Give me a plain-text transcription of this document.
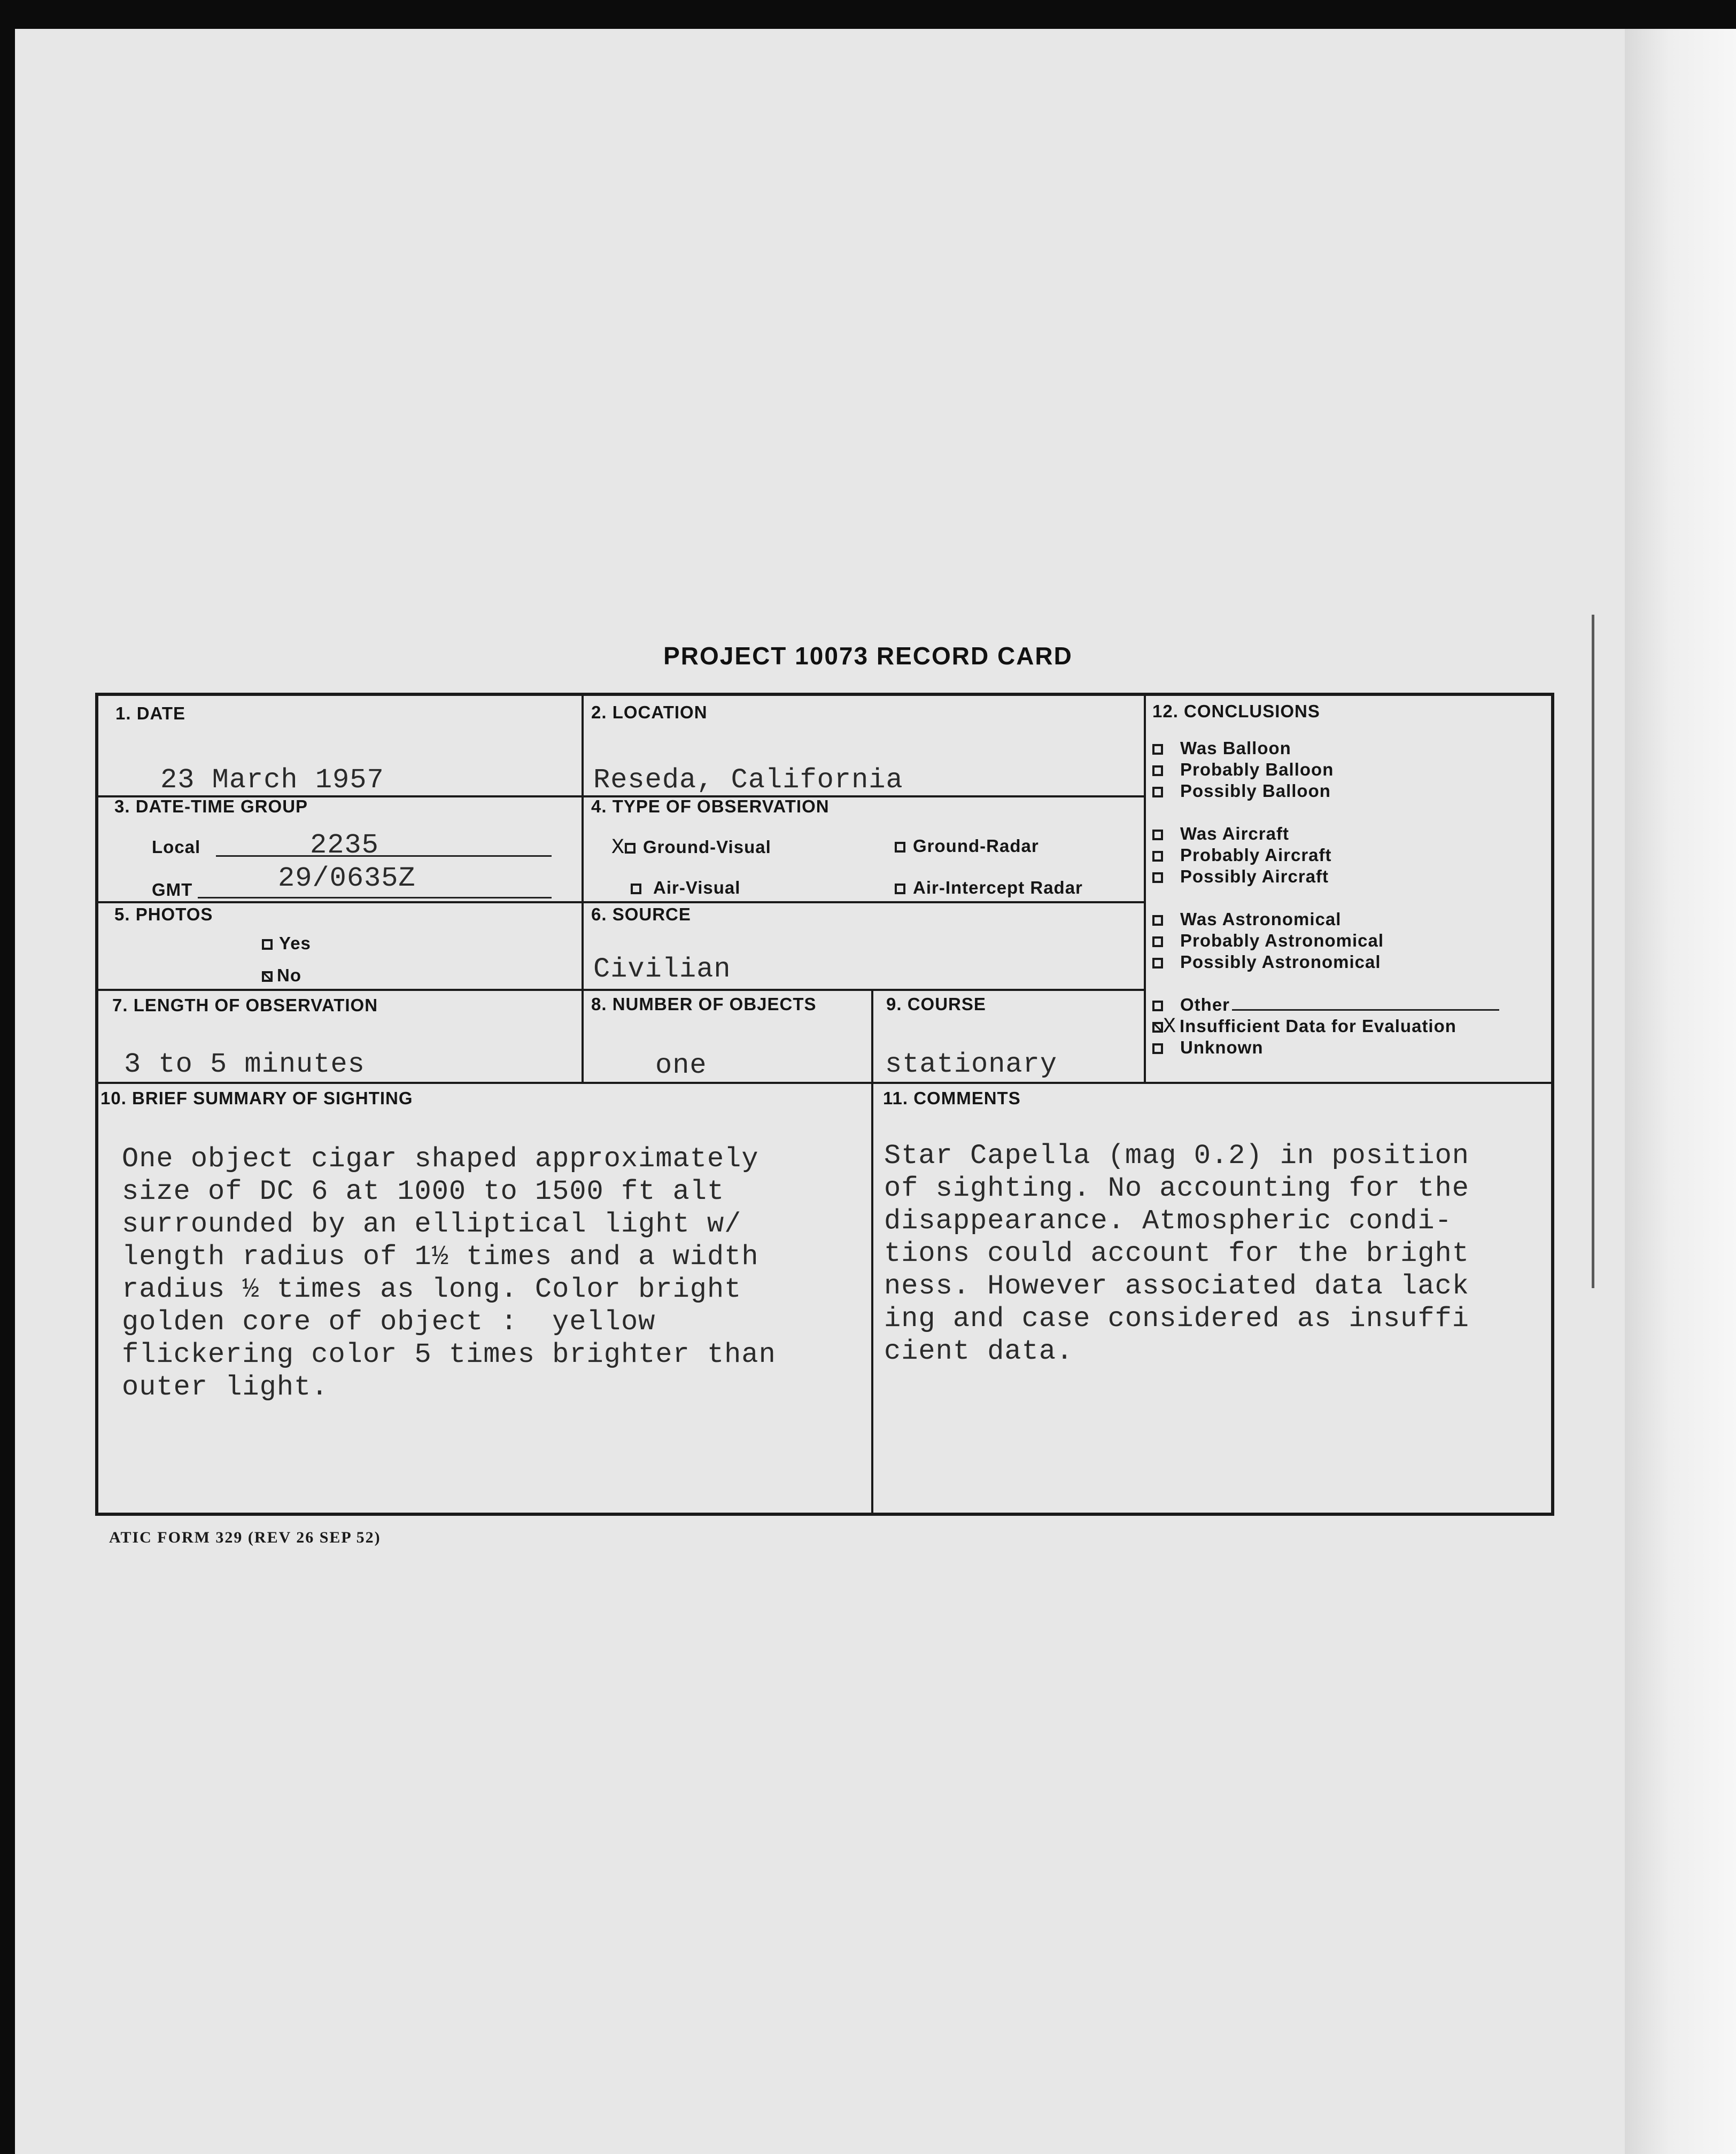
PROJECT 10073 RECORD CARD
1. DATE
23 March 1957
2. LOCATION
Reseda, California
3. DATE-TIME GROUP
Local	2235
GMT	29/0635Z
4. TYPE OF OBSERVATION
X Ground-Visual	Ground-Radar
Air-Visual	Air-Intercept Radar
5. PHOTOS
Yes
No
6. SOURCE
Civilian
7. LENGTH OF OBSERVATION
3 to 5 minutes
8. NUMBER OF OBJECTS
one
9. COURSE
stationary
10. BRIEF SUMMARY OF SIGHTING
One object cigar shaped approximately
size of DC 6 at 1000 to 1500 ft alt
surrounded by an elliptical light w/
length radius of 1½ times and a width
radius ½ times as long. Color bright
golden core of object :  yellow
flickering color 5 times brighter than
outer light.
11. COMMENTS
Star Capella (mag 0.2) in position
of sighting. No accounting for the
disappearance. Atmospheric condi-
tions could account for the bright
ness. However associated data lack
ing and case considered as insuffi
cient data.
12. CONCLUSIONS
Was Balloon
Probably Balloon
Possibly Balloon
Was Aircraft
Probably Aircraft
Possibly Aircraft
Was Astronomical
Probably Astronomical
Possibly Astronomical
Other
X Insufficient Data for Evaluation
Unknown
ATIC FORM 329 (REV 26 SEP 52)
